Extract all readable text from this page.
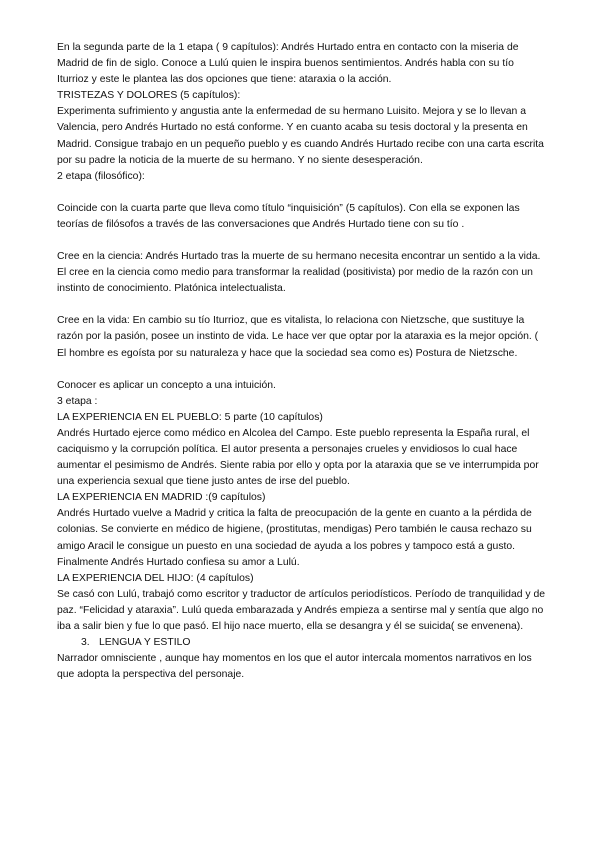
En la segunda parte de la 1 etapa ( 9 capítulos): Andrés Hurtado entra en contacto con la miseria de Madrid de fin de siglo. Conoce a Lulú quien le inspira buenos sentimientos. Andrés habla con su tío Iturrioz y este le plantea las dos opciones que tiene: ataraxia o la acción.

TRISTEZAS Y DOLORES (5 capítulos):

Experimenta sufrimiento y angustia ante la enfermedad de su hermano Luisito. Mejora y se lo llevan a Valencia, pero Andrés Hurtado no está conforme. Y en cuanto acaba su tesis doctoral y la presenta en Madrid. Consigue trabajo en un pequeño pueblo y es cuando Andrés Hurtado recibe con una carta escrita por su padre la noticia de la muerte de su hermano. Y no siente desesperación.

2 etapa (filosófico):

Coincide con la cuarta parte que lleva como título “inquisición” (5 capítulos). Con ella se exponen las teorías de filósofos a través de las conversaciones que Andrés Hurtado tiene con su tío .

Cree en la ciencia: Andrés Hurtado tras la muerte de su hermano necesita encontrar un sentido a la vida. El cree en la ciencia como medio para transformar la realidad (positivista) por medio de la razón con un instinto de conocimiento. Platónica intelectualista.

Cree en la vida: En cambio su tío Iturrioz, que es vitalista, lo relaciona con Nietzsche, que sustituye la razón por la pasión, posee un instinto de vida. Le hace ver que optar por la ataraxia es la mejor opción. ( El hombre es egoísta por su naturaleza y hace que la sociedad sea como es) Postura de Nietzsche.

Conocer es aplicar un concepto a una intuición.

3 etapa :

LA EXPERIENCIA EN EL PUEBLO: 5 parte (10 capítulos)

Andrés Hurtado ejerce como médico en Alcolea del Campo. Este pueblo representa la España rural, el caciquismo y la corrupción política. El autor presenta a personajes crueles y envidiosos lo cual hace aumentar el pesimismo de Andrés. Siente rabia por ello y opta por la ataraxia que se ve interrumpida por una experiencia sexual que tiene justo antes de irse del pueblo.

LA EXPERIENCIA EN MADRID :(9 capítulos)

Andrés Hurtado vuelve a Madrid y critica la falta de preocupación de la gente en cuanto a la pérdida de colonias. Se convierte en médico de higiene, (prostitutas, mendigas) Pero también le causa rechazo su amigo Aracil le consigue un puesto en una sociedad de ayuda a los pobres y tampoco está a gusto. Finalmente Andrés Hurtado confiesa su amor a Lulú.

LA EXPERIENCIA DEL HIJO: (4 capítulos)

Se casó con Lulú, trabajó como escritor y traductor de artículos periodísticos. Período de tranquilidad y de paz. “Felicidad y ataraxia”. Lulú queda embarazada y Andrés empieza a sentirse mal y sentía que algo no iba a salir bien y fue lo que pasó. El hijo nace muerto, ella se desangra y él se suicida( se envenena).

3. LENGUA Y ESTILO

Narrador omnisciente , aunque hay momentos en los que el autor intercala momentos narrativos en los que adopta la perspectiva del personaje.
